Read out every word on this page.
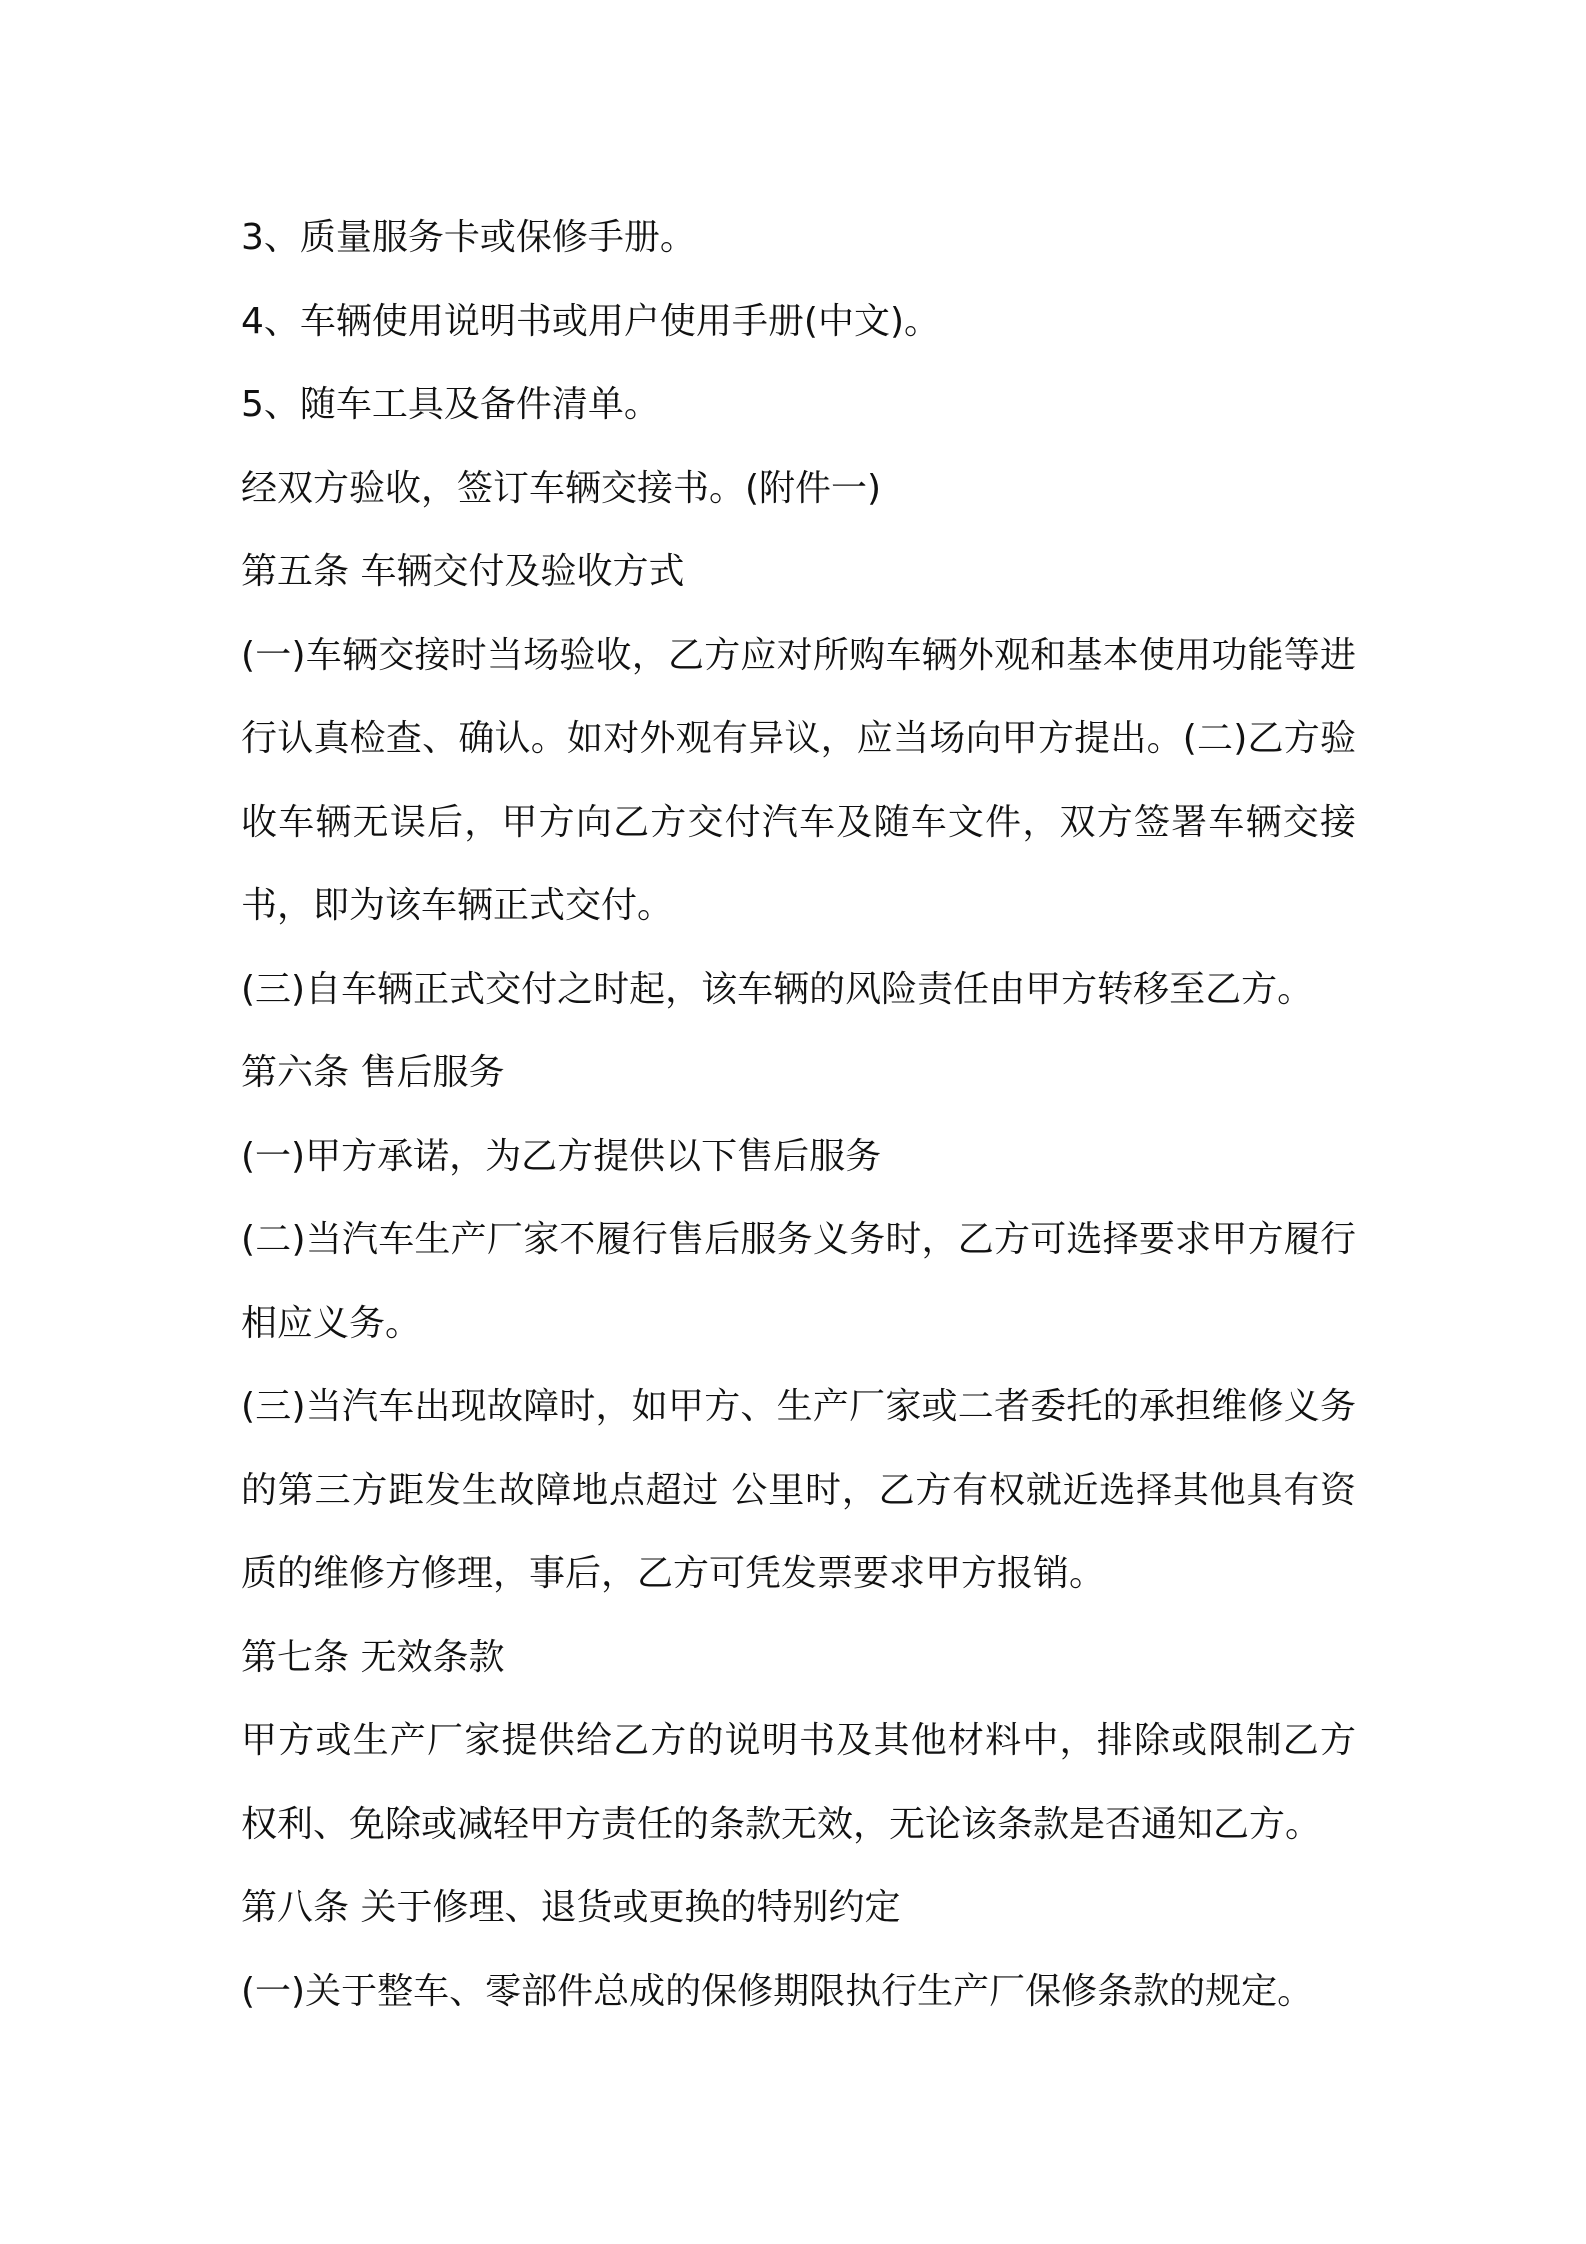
3、质量服务卡或保修手册。

4、车辆使用说明书或用户使用手册(中文)。

5、随车工具及备件清单。

经双方验收，签订车辆交接书。(附件一)

第五条 车辆交付及验收方式

(一)车辆交接时当场验收，乙方应对所购车辆外观和基本使用功能等进行认真检查、确认。如对外观有异议，应当场向甲方提出。(二)乙方验收车辆无误后，甲方向乙方交付汽车及随车文件，双方签署车辆交接书，即为该车辆正式交付。

(三)自车辆正式交付之时起，该车辆的风险责任由甲方转移至乙方。

第六条 售后服务

(一)甲方承诺，为乙方提供以下售后服务

(二)当汽车生产厂家不履行售后服务义务时，乙方可选择要求甲方履行相应义务。

(三)当汽车出现故障时，如甲方、生产厂家或二者委托的承担维修义务的第三方距发生故障地点超过 公里时，乙方有权就近选择其他具有资质的维修方修理，事后，乙方可凭发票要求甲方报销。

第七条 无效条款

甲方或生产厂家提供给乙方的说明书及其他材料中，排除或限制乙方权利、免除或减轻甲方责任的条款无效，无论该条款是否通知乙方。

第八条 关于修理、退货或更换的特别约定

(一)关于整车、零部件总成的保修期限执行生产厂保修条款的规定。
